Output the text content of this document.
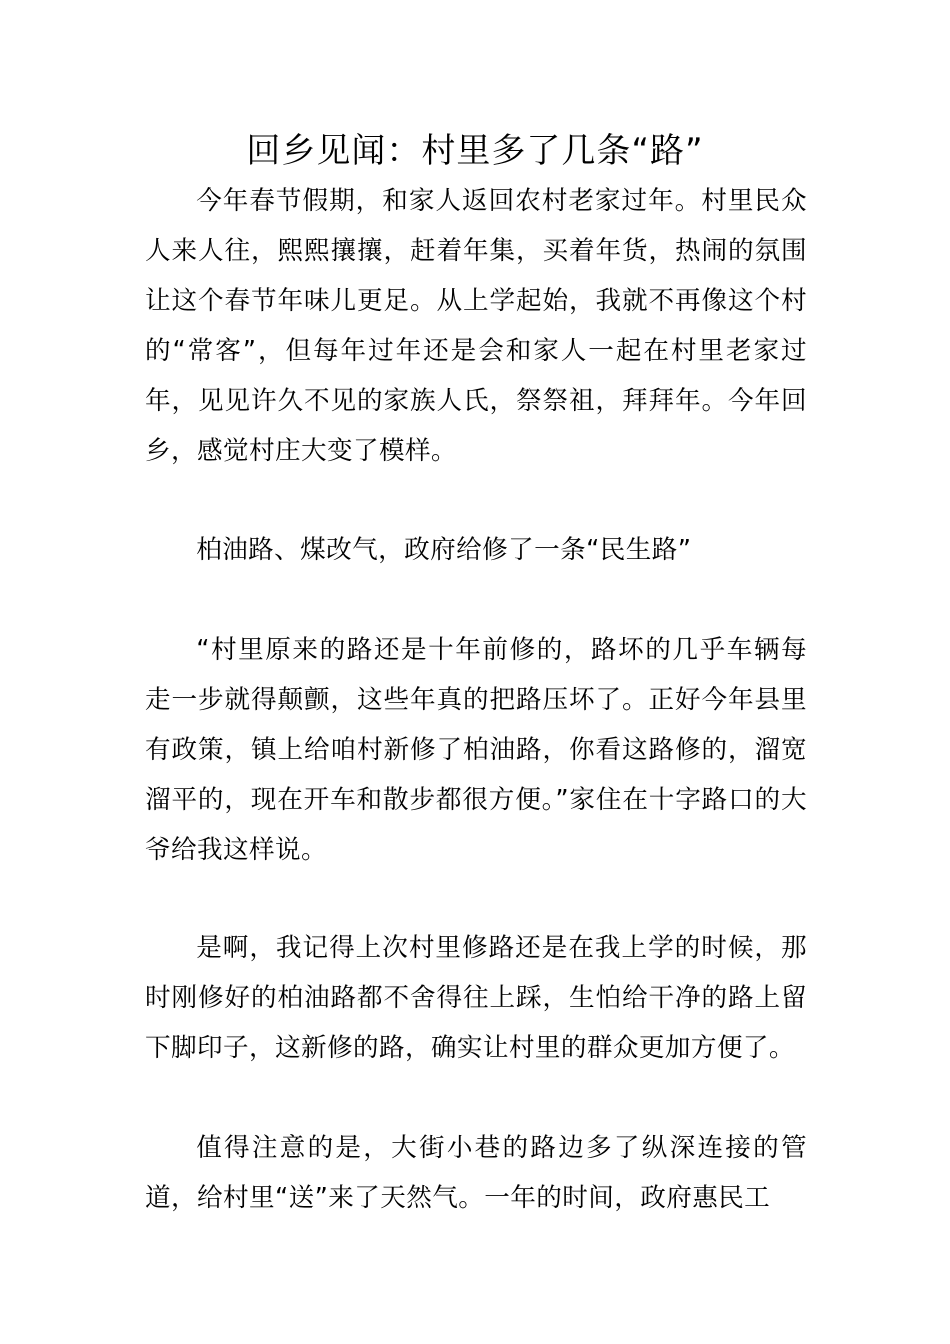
回乡见闻：村里多了几条“路”

今年春节假期，和家人返回农村老家过年。村里民众人来人往，熙熙攘攘，赶着年集，买着年货，热闹的氛围让这个春节年味儿更足。从上学起始，我就不再像这个村的“常客”，但每年过年还是会和家人一起在村里老家过年，见见许久不见的家族人氏，祭祭祖，拜拜年。今年回乡，感觉村庄大变了模样。

柏油路、煤改气，政府给修了一条“民生路”

“村里原来的路还是十年前修的，路坏的几乎车辆每走一步就得颠颤，这些年真的把路压坏了。正好今年县里有政策，镇上给咱村新修了柏油路，你看这路修的，溜宽溜平的，现在开车和散步都很方便。”家住在十字路口的大爷给我这样说。

是啊，我记得上次村里修路还是在我上学的时候，那时刚修好的柏油路都不舍得往上踩，生怕给干净的路上留下脚印子，这新修的路，确实让村里的群众更加方便了。

值得注意的是，大街小巷的路边多了纵深连接的管道，给村里“送”来了天然气。一年的时间，政府惠民工
